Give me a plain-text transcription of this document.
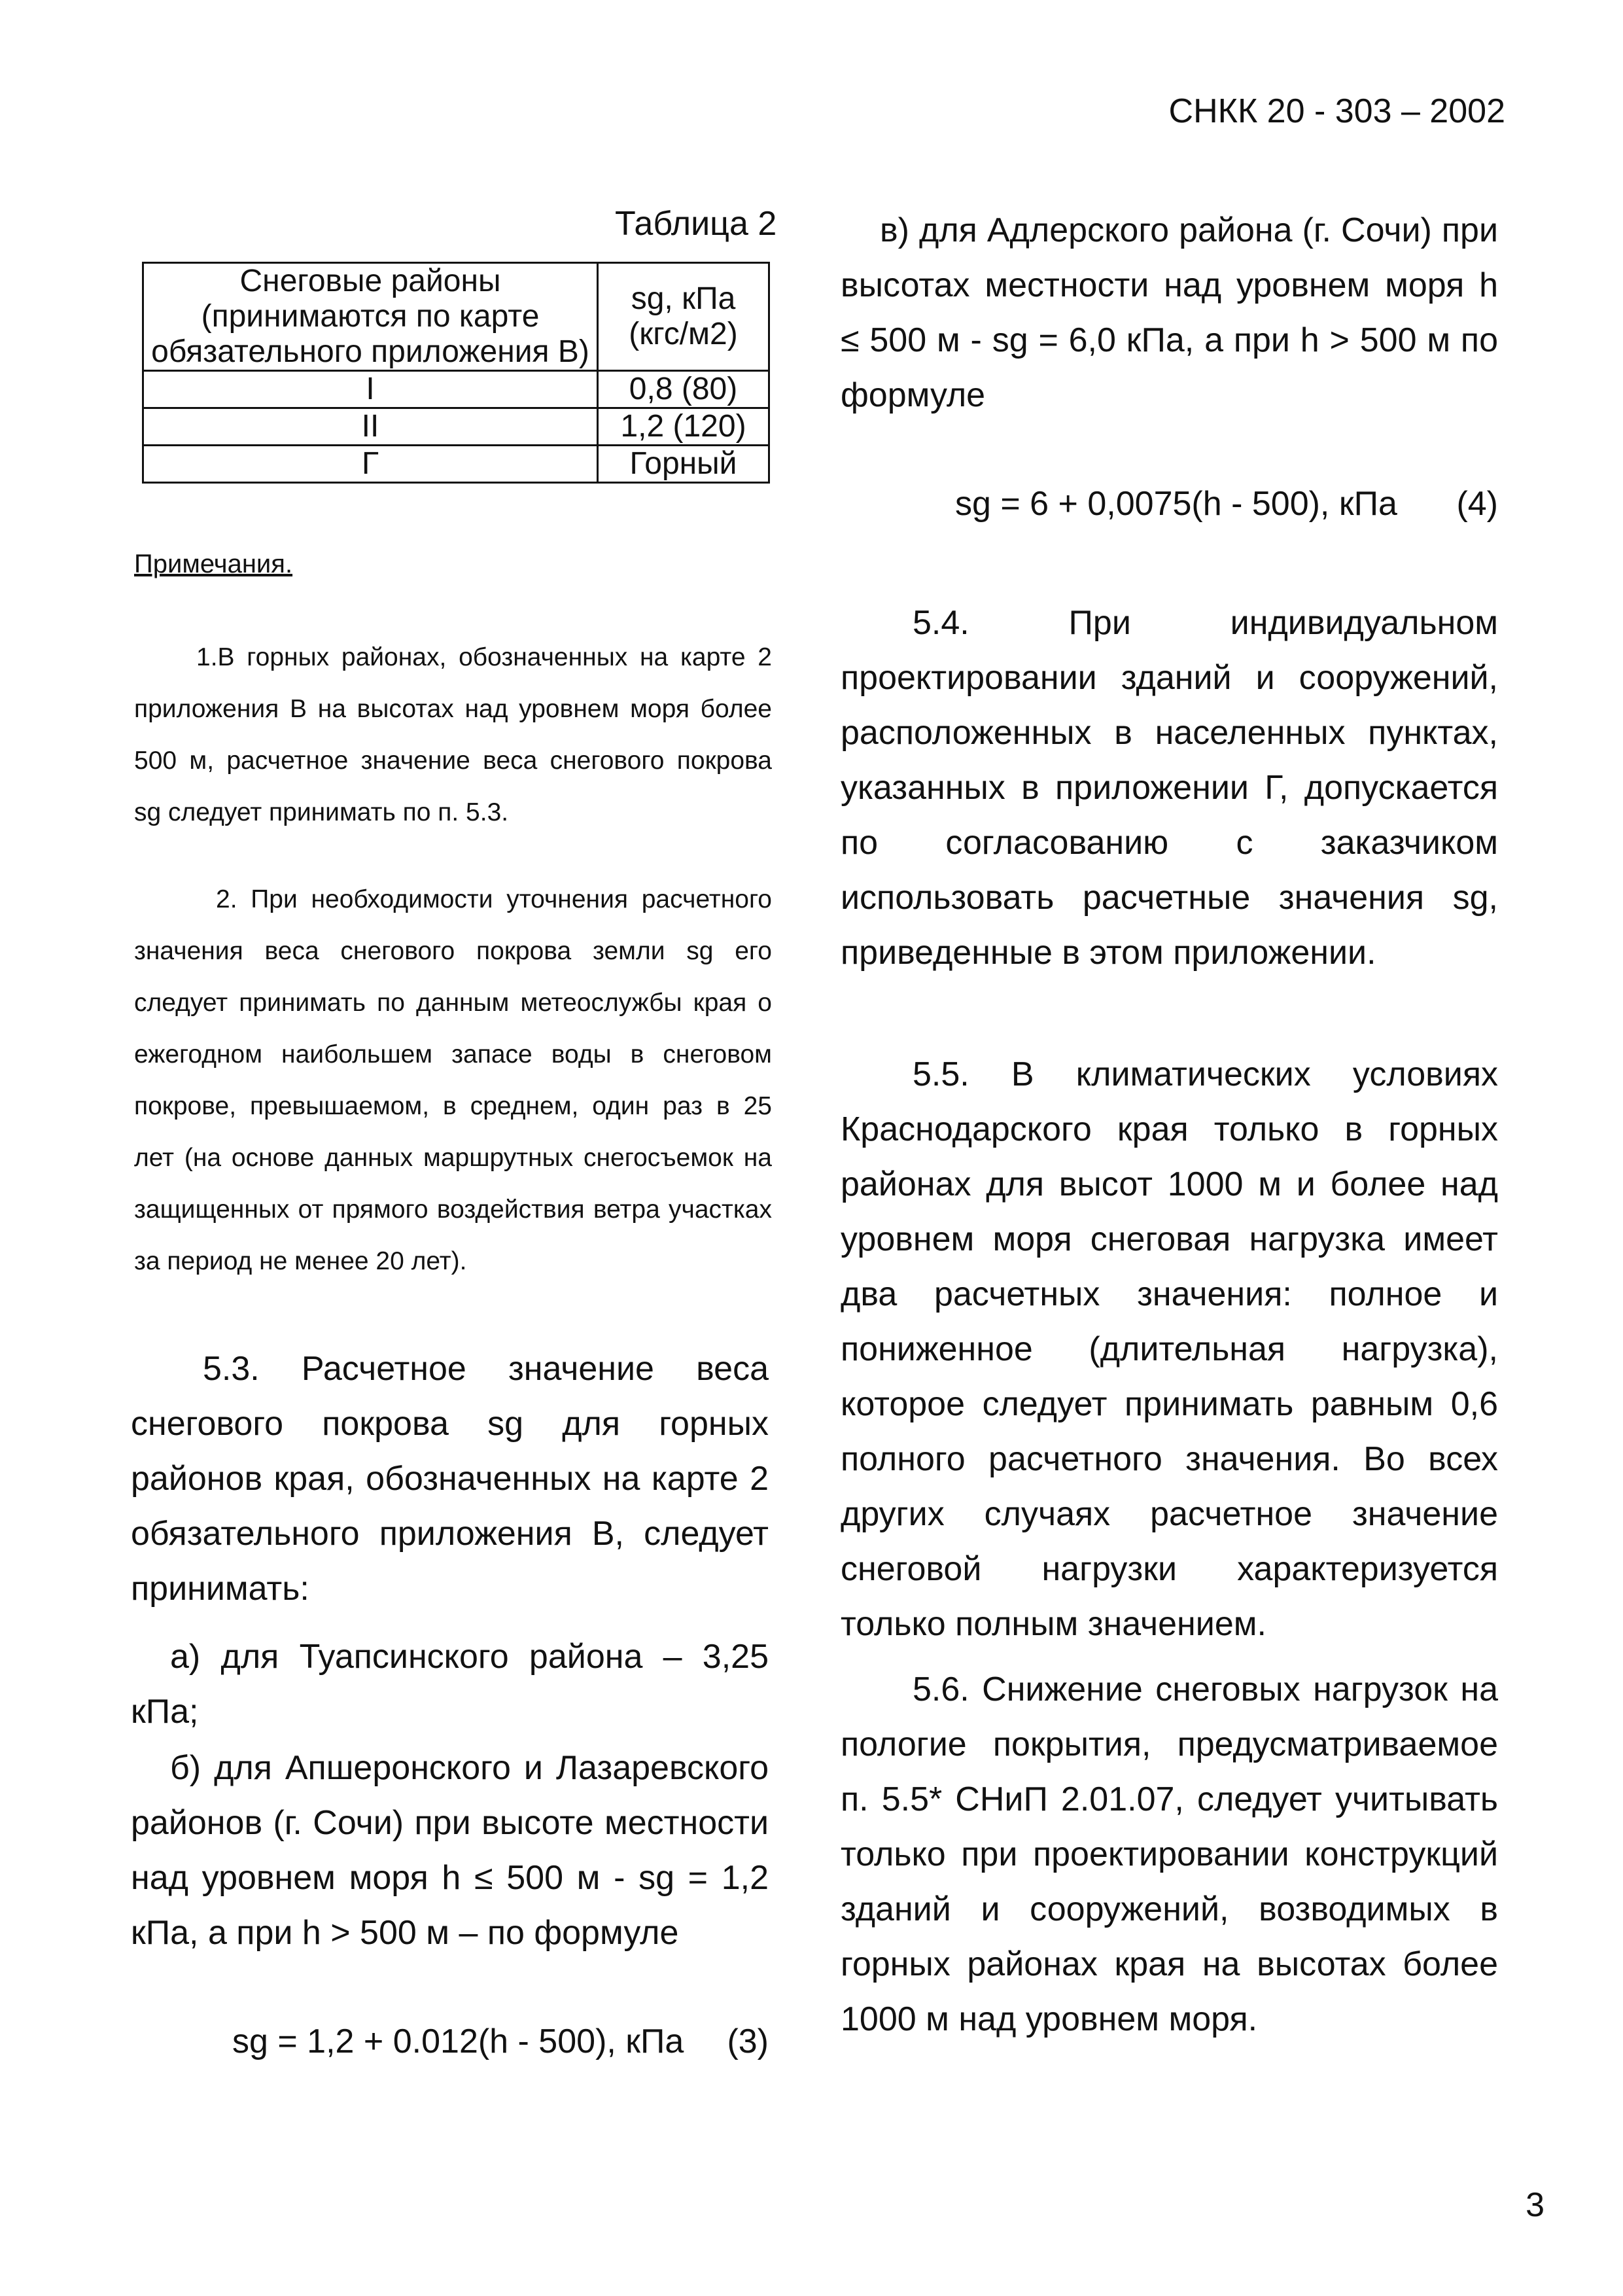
СНКК 20 - 303 – 2002
Таблица 2
Снеговые районы (принимаются по карте обязательного приложения В)	sg, кПа (кгс/м2)
I	0,8 (80)
II	1,2 (120)
Г	Горный
Примечания.
1.В горных районах, обозначенных на карте 2 приложения В на высотах над уровнем моря более 500 м, расчетное значение веса снегового покрова sg следует принимать по п. 5.3.
2. При необходимости уточнения расчетного значения веса снегового покрова земли sg его следует принимать по данным метеослужбы края о ежегодном наибольшем запасе воды в снеговом покрове, превышаемом, в среднем, один раз в 25 лет (на основе данных маршрутных снегосъемок на защищенных от прямого воздействия ветра участках за период не менее 20 лет).
5.3. Расчетное значение веса снегового покрова sg для горных районов края, обозначенных на карте 2 обязательного приложения В, следует принимать:
а) для Туапсинского района – 3,25 кПа;
б) для Апшеронского и Лазаревского районов (г. Сочи) при высоте местности над уровнем моря h ≤ 500 м - sg = 1,2 кПа, а при h > 500 м – по формуле
sg = 1,2 + 0.012(h - 500), кПа (3)
в) для Адлерского района (г. Сочи) при высотах местности над уровнем моря h ≤ 500 м - sg = 6,0 кПа, а при h > 500 м по формуле
sg = 6 + 0,0075(h - 500), кПа (4)
5.4. При индивидуальном проектировании зданий и сооружений, расположенных в населенных пунктах, указанных в приложении Г, допускается по согласованию с заказчиком использовать расчетные значения sg, приведенные в этом приложении.
5.5. В климатических условиях Краснодарского края только в горных районах для высот 1000 м и более над уровнем моря снеговая нагрузка имеет два расчетных значения: полное и пониженное (длительная нагрузка), которое следует принимать равным 0,6 полного расчетного значения. Во всех других случаях расчетное значение снеговой нагрузки характеризуется только полным значением.
5.6. Снижение снеговых нагрузок на пологие покрытия, предусматриваемое п. 5.5* СНиП 2.01.07, следует учитывать только при проектировании конструкций зданий и сооружений, возводимых в горных районах края на высотах более 1000 м над уровнем моря.
3
